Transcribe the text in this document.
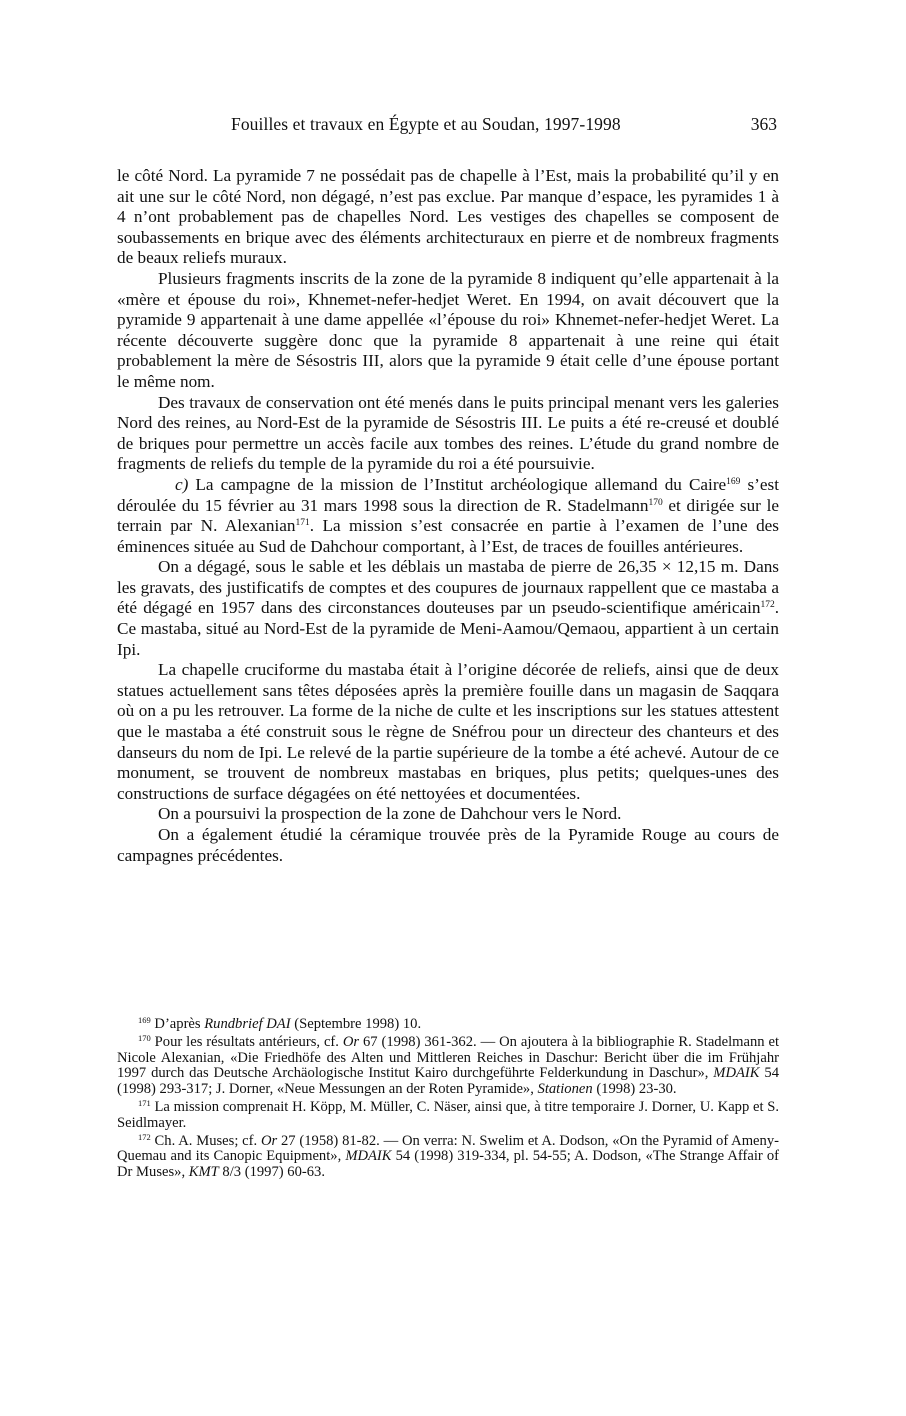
Fouilles et travaux en Égypte et au Soudan, 1997-1998	363

le côté Nord. La pyramide 7 ne possédait pas de chapelle à l’Est, mais la probabilité qu’il y en ait une sur le côté Nord, non dégagé, n’est pas exclue. Par manque d’espace, les pyramides 1 à 4 n’ont probablement pas de chapelles Nord. Les vestiges des chapelles se composent de soubassements en brique avec des éléments architecturaux en pierre et de nombreux fragments de beaux reliefs muraux.

Plusieurs fragments inscrits de la zone de la pyramide 8 indiquent qu’elle appartenait à la «mère et épouse du roi», Khnemet-nefer-hedjet Weret. En 1994, on avait découvert que la pyramide 9 appartenait à une dame appellée «l’épouse du roi» Khnemet-nefer-hedjet Weret. La récente découverte suggère donc que la pyramide 8 appartenait à une reine qui était probablement la mère de Sésostris III, alors que la pyramide 9 était celle d’une épouse portant le même nom.

Des travaux de conservation ont été menés dans le puits principal menant vers les galeries Nord des reines, au Nord-Est de la pyramide de Sésostris III. Le puits a été re-creusé et doublé de briques pour permettre un accès facile aux tombes des reines. L’étude du grand nombre de fragments de reliefs du temple de la pyramide du roi a été poursuivie.

c) La campagne de la mission de l’Institut archéologique allemand du Caire$^{169}$ s’est déroulée du 15 février au 31 mars 1998 sous la direction de R. Stadelmann$^{170}$ et dirigée sur le terrain par N. Alexanian$^{171}$. La mission s’est consacrée en partie à l’examen de l’une des éminences située au Sud de Dahchour comportant, à l’Est, de traces de fouilles antérieures.

On a dégagé, sous le sable et les déblais un mastaba de pierre de 26,35 × 12,15 m. Dans les gravats, des justificatifs de comptes et des coupures de journaux rappellent que ce mastaba a été dégagé en 1957 dans des circonstances douteuses par un pseudo-scientifique américain$^{172}$. Ce mastaba, situé au Nord-Est de la pyramide de Meni-Aamou/Qemaou, appartient à un certain Ipi.

La chapelle cruciforme du mastaba était à l’origine décorée de reliefs, ainsi que de deux statues actuellement sans têtes déposées après la première fouille dans un magasin de Saqqara où on a pu les retrouver. La forme de la niche de culte et les inscriptions sur les statues attestent que le mastaba a été construit sous le règne de Snéfrou pour un directeur des chanteurs et des danseurs du nom de Ipi. Le relevé de la partie supérieure de la tombe a été achevé. Autour de ce monument, se trouvent de nombreux mastabas en briques, plus petits; quelques-unes des constructions de surface dégagées on été nettoyées et documentées.

On a poursuivi la prospection de la zone de Dahchour vers le Nord.

On a également étudié la céramique trouvée près de la Pyramide Rouge au cours de campagnes précédentes.

$^{169}$ D’après Rundbrief DAI (Septembre 1998) 10.

$^{170}$ Pour les résultats antérieurs, cf. Or 67 (1998) 361-362. — On ajoutera à la bibliographie R. Stadelmann et Nicole Alexanian, «Die Friedhöfe des Alten und Mittleren Reiches in Daschur: Bericht über die im Frühjahr 1997 durch das Deutsche Archäologische Institut Kairo durchgeführte Felderkundung in Daschur», MDAIK 54 (1998) 293-317; J. Dorner, «Neue Messungen an der Roten Pyramide», Stationen (1998) 23-30.

$^{171}$ La mission comprenait H. Köpp, M. Müller, C. Näser, ainsi que, à titre temporaire J. Dorner, U. Kapp et S. Seidlmayer.

$^{172}$ Ch. A. Muses; cf. Or 27 (1958) 81-82. — On verra: N. Swelim et A. Dodson, «On the Pyramid of Ameny-Quemau and its Canopic Equipment», MDAIK 54 (1998) 319-334, pl. 54-55; A. Dodson, «The Strange Affair of Dr Muses», KMT 8/3 (1997) 60-63.
